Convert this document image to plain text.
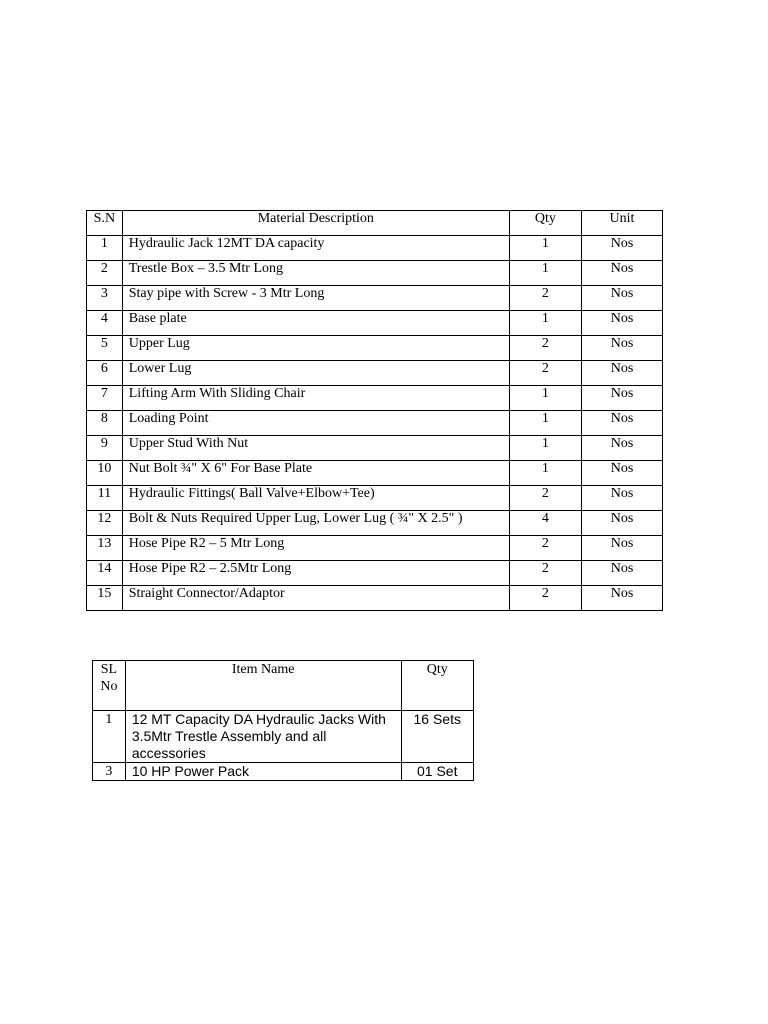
S.N	Material Description	Qty	Unit
1	Hydraulic Jack 12MT DA capacity	1	Nos
2	Trestle Box – 3.5 Mtr Long	1	Nos
3	Stay pipe with Screw - 3 Mtr Long	2	Nos
4	Base plate	1	Nos
5	Upper Lug	2	Nos
6	Lower Lug	2	Nos
7	Lifting Arm With Sliding Chair	1	Nos
8	Loading Point	1	Nos
9	Upper Stud With Nut	1	Nos
10	Nut Bolt ¾" X 6" For Base Plate	1	Nos
11	Hydraulic Fittings( Ball Valve+Elbow+Tee)	2	Nos
12	Bolt & Nuts Required Upper Lug, Lower Lug ( ¾" X 2.5" )	4	Nos
13	Hose Pipe R2 – 5 Mtr Long	2	Nos
14	Hose Pipe R2 – 2.5Mtr Long	2	Nos
15	Straight Connector/Adaptor	2	Nos
SL No	Item Name	Qty
1	12 MT Capacity DA Hydraulic Jacks With 3.5Mtr Trestle Assembly and all accessories	16 Sets
3	10 HP Power Pack	01 Set
